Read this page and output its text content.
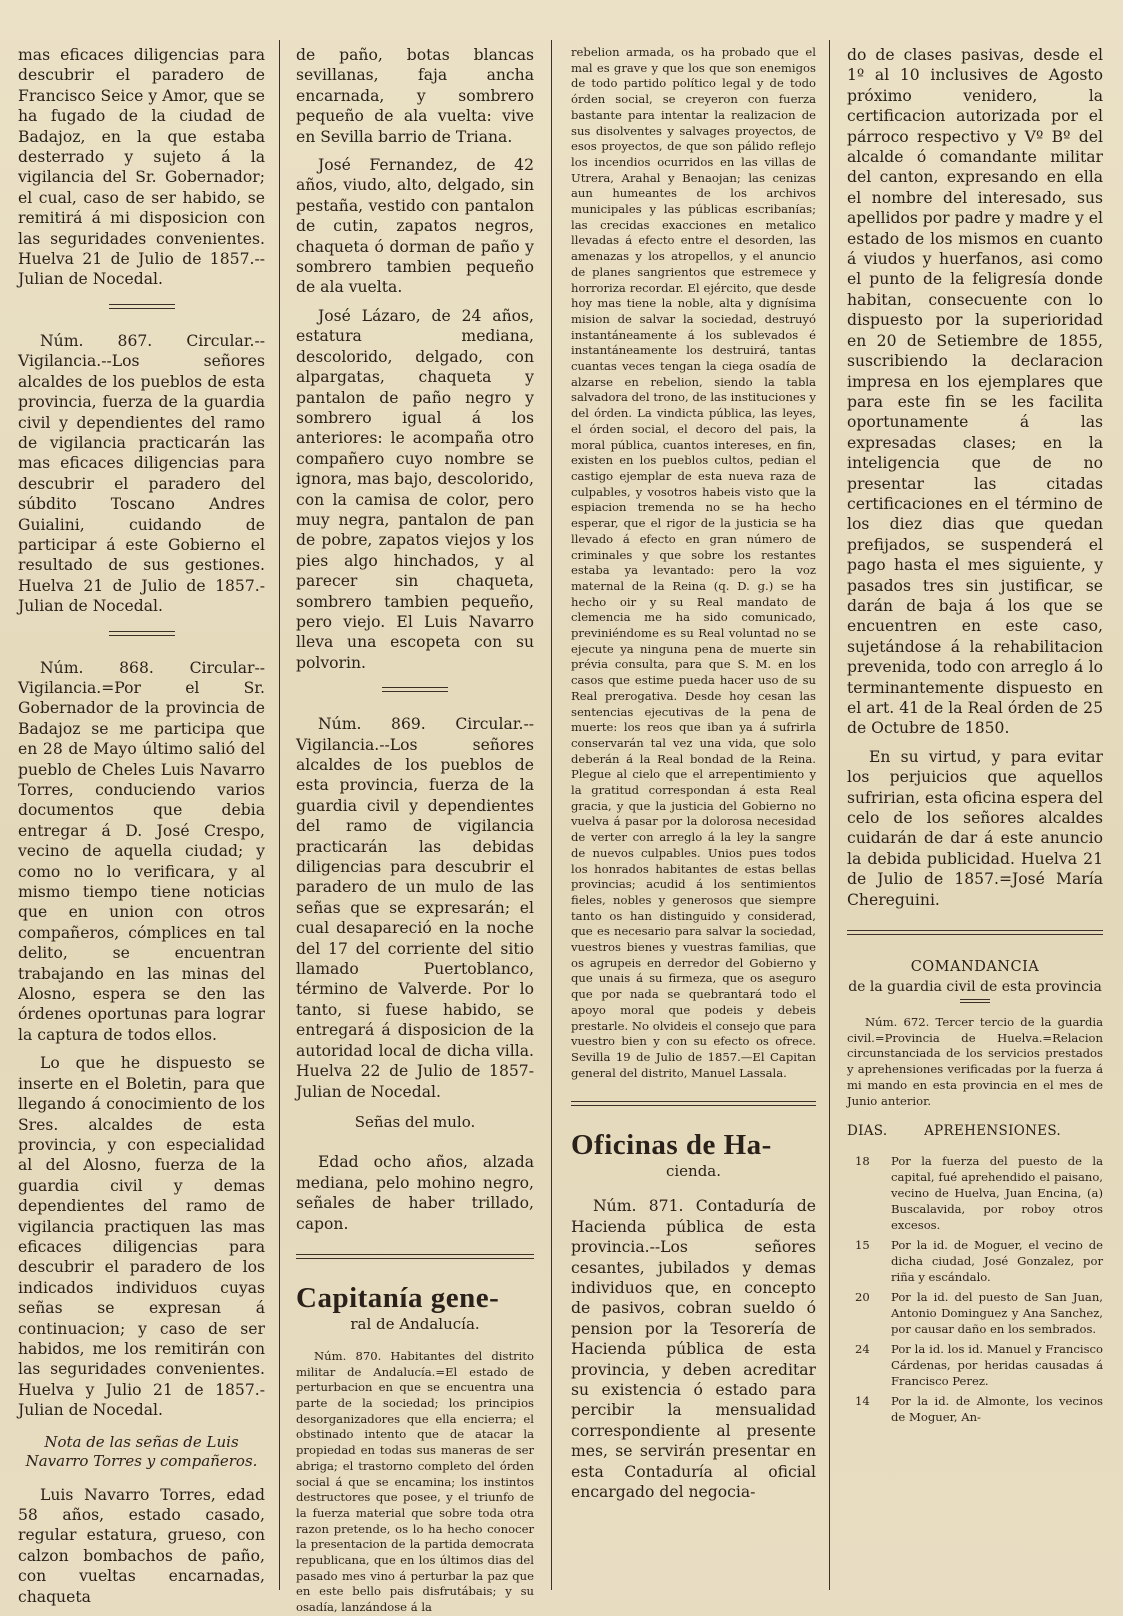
mas eficaces diligencias para descubrir el paradero de Francisco Seice y Amor, que se ha fugado de la ciudad de Badajoz, en la que estaba desterrado y sujeto á la vigilancia del Sr. Gobernador; el cual, caso de ser habido, se remitirá á mi disposicion con las seguridades convenientes. Huelva 21 de Julio de 1857.--Julian de Nocedal.

Núm. 867. Circular.--Vigilancia.--Los señores alcaldes de los pueblos de esta provincia, fuerza de la guardia civil y dependientes del ramo de vigilancia practicarán las mas eficaces diligencias para descubrir el paradero del súbdito Toscano Andres Guialini, cuidando de participar á este Gobierno el resultado de sus gestiones. Huelva 21 de Julio de 1857.-Julian de Nocedal.

Núm. 868. Circular--Vigilancia.=Por el Sr. Gobernador de la provincia de Badajoz se me participa que en 28 de Mayo último salió del pueblo de Cheles Luis Navarro Torres, conduciendo varios documentos que debia entregar á D. José Crespo, vecino de aquella ciudad; y como no lo verificara, y al mismo tiempo tiene noticias que en union con otros compañeros, cómplices en tal delito, se encuentran trabajando en las minas del Alosno, espera se den las órdenes oportunas para lograr la captura de todos ellos.

Lo que he dispuesto se inserte en el Boletin, para que llegando á conocimiento de los Sres. alcaldes de esta provincia, y con especialidad al del Alosno, fuerza de la guardia civil y demas dependientes del ramo de vigilancia practiquen las mas eficaces diligencias para descubrir el paradero de los indicados individuos cuyas señas se expresan á continuacion; y caso de ser habidos, me los remitirán con las seguridades convenientes. Huelva y Julio 21 de 1857.-Julian de Nocedal.

Nota de las señas de Luis Navarro Torres y compañeros.

Luis Navarro Torres, edad 58 años, estado casado, regular estatura, grueso, con calzon bombachos de paño, con vueltas encarnadas, chaqueta

de paño, botas blancas sevillanas, faja ancha encarnada, y sombrero pequeño de ala vuelta: vive en Sevilla barrio de Triana.

José Fernandez, de 42 años, viudo, alto, delgado, sin pestaña, vestido con pantalon de cutin, zapatos negros, chaqueta ó dorman de paño y sombrero tambien pequeño de ala vuelta.

José Lázaro, de 24 años, estatura mediana, descolorido, delgado, con alpargatas, chaqueta y pantalon de paño negro y sombrero igual á los anteriores: le acompaña otro compañero cuyo nombre se ignora, mas bajo, descolorido, con la camisa de color, pero muy negra, pantalon de pan de pobre, zapatos viejos y los pies algo hinchados, y al parecer sin chaqueta, sombrero tambien pequeño, pero viejo. El Luis Navarro lleva una escopeta con su polvorin.

Núm. 869. Circular.--Vigilancia.--Los señores alcaldes de los pueblos de esta provincia, fuerza de la guardia civil y dependientes del ramo de vigilancia practicarán las debidas diligencias para descubrir el paradero de un mulo de las señas que se expresarán; el cual desapareció en la noche del 17 del corriente del sitio llamado Puertoblanco, término de Valverde. Por lo tanto, si fuese habido, se entregará á disposicion de la autoridad local de dicha villa. Huelva 22 de Julio de 1857-Julian de Nocedal.

Señas del mulo.

Edad ocho años, alzada mediana, pelo mohino negro, señales de haber trillado, capon.

Capitanía gene-

ral de Andalucía.

Núm. 870. Habitantes del distrito militar de Andalucía.=El estado de perturbacion en que se encuentra una parte de la sociedad; los principios desorganizadores que ella encierra; el obstinado intento que de atacar la propiedad en todas sus maneras de ser abriga; el trastorno completo del órden social á que se encamina; los instintos destructores que posee, y el triunfo de la fuerza material que sobre toda otra razon pretende, os lo ha hecho conocer la presentacion de la partida democrata republicana, que en los últimos dias del pasado mes vino á perturbar la paz que en este bello pais disfrutábais; y su osadía, lanzándose á la

rebelion armada, os ha probado que el mal es grave y que los que son enemigos de todo partido político legal y de todo órden social, se creyeron con fuerza bastante para intentar la realizacion de sus disolventes y salvages proyectos, de esos proyectos, de que son pálido reflejo los incendios ocurridos en las villas de Utrera, Arahal y Benaojan; las cenizas aun humeantes de los archivos municipales y las públicas escribanías; las crecidas exacciones en metalico llevadas á efecto entre el desorden, las amenazas y los atropellos, y el anuncio de planes sangrientos que estremece y horroriza recordar. El ejército, que desde hoy mas tiene la noble, alta y dignísima mision de salvar la sociedad, destruyó instantáneamente á los sublevados é instantáneamente los destruirá, tantas cuantas veces tengan la ciega osadía de alzarse en rebelion, siendo la tabla salvadora del trono, de las instituciones y del órden. La vindicta pública, las leyes, el órden social, el decoro del pais, la moral pública, cuantos intereses, en fin, existen en los pueblos cultos, pedian el castigo ejemplar de esta nueva raza de culpables, y vosotros habeis visto que la espiacion tremenda no se ha hecho esperar, que el rigor de la justicia se ha llevado á efecto en gran número de criminales y que sobre los restantes estaba ya levantado: pero la voz maternal de la Reina (q. D. g.) se ha hecho oir y su Real mandato de clemencia me ha sido comunicado, previniéndome es su Real voluntad no se ejecute ya ninguna pena de muerte sin prévia consulta, para que S. M. en los casos que estime pueda hacer uso de su Real prerogativa. Desde hoy cesan las sentencias ejecutivas de la pena de muerte: los reos que iban ya á sufrirla conservarán tal vez una vida, que solo deberán á la Real bondad de la Reina. Plegue al cielo que el arrepentimiento y la gratitud correspondan á esta Real gracia, y que la justicia del Gobierno no vuelva á pasar por la dolorosa necesidad de verter con arreglo á la ley la sangre de nuevos culpables. Unios pues todos los honrados habitantes de estas bellas provincias; acudid á los sentimientos fieles, nobles y generosos que siempre tanto os han distinguido y considerad, que es necesario para salvar la sociedad, vuestros bienes y vuestras familias, que os agrupeis en derredor del Gobierno y que unais á su firmeza, que os aseguro que por nada se quebrantará todo el apoyo moral que podeis y debeis prestarle. No olvideis el consejo que para vuestro bien y con su efecto os ofrece. Sevilla 19 de Julio de 1857.—El Capitan general del distrito, Manuel Lassala.

Oficinas de Ha-

cienda.

Núm. 871. Contaduría de Hacienda pública de esta provincia.--Los señores cesantes, jubilados y demas individuos que, en concepto de pasivos, cobran sueldo ó pension por la Tesorería de Hacienda pública de esta provincia, y deben acreditar su existencia ó estado para percibir la mensualidad correspondiente al presente mes, se servirán presentar en esta Contaduría al oficial encargado del negocia-

do de clases pasivas, desde el 1º al 10 inclusives de Agosto próximo venidero, la certificacion autorizada por el párroco respectivo y Vº Bº del alcalde ó comandante militar del canton, expresando en ella el nombre del interesado, sus apellidos por padre y madre y el estado de los mismos en cuanto á viudos y huerfanos, asi como el punto de la feligresía donde habitan, consecuente con lo dispuesto por la superioridad en 20 de Setiembre de 1855, suscribiendo la declaracion impresa en los ejemplares que para este fin se les facilita oportunamente á las expresadas clases; en la inteligencia que de no presentar las citadas certificaciones en el término de los diez dias que quedan prefijados, se suspenderá el pago hasta el mes siguiente, y pasados tres sin justificar, se darán de baja á los que se encuentren en este caso, sujetándose á la rehabilitacion prevenida, todo con arreglo á lo terminantemente dispuesto en el art. 41 de la Real órden de 25 de Octubre de 1850.

En su virtud, y para evitar los perjuicios que aquellos sufririan, esta oficina espera del celo de los señores alcaldes cuidarán de dar á este anuncio la debida publicidad. Huelva 21 de Julio de 1857.=José María Chereguini.

COMANDANCIA

de la guardia civil de esta provincia

Núm. 672. Tercer tercio de la guardia civil.=Provincia de Huelva.=Relacion circunstanciada de los servicios prestados y aprehensiones verificadas por la fuerza á mi mando en esta provincia en el mes de Junio anterior.

DIAS.	APREHENSIONES.
18	Por la fuerza del puesto de la capital, fué aprehendido el paisano, vecino de Huelva, Juan Encina, (a) Buscalavida, por roboy otros excesos.
15	Por la id. de Moguer, el vecino de dicha ciudad, José Gonzalez, por riña y escándalo.
20	Por la id. del puesto de San Juan, Antonio Dominguez y Ana Sanchez, por causar daño en los sembrados.
24	Por la id. los id. Manuel y Francisco Cárdenas, por heridas causadas á Francisco Perez.
14	Por la id. de Almonte, los vecinos de Moguer, An-
